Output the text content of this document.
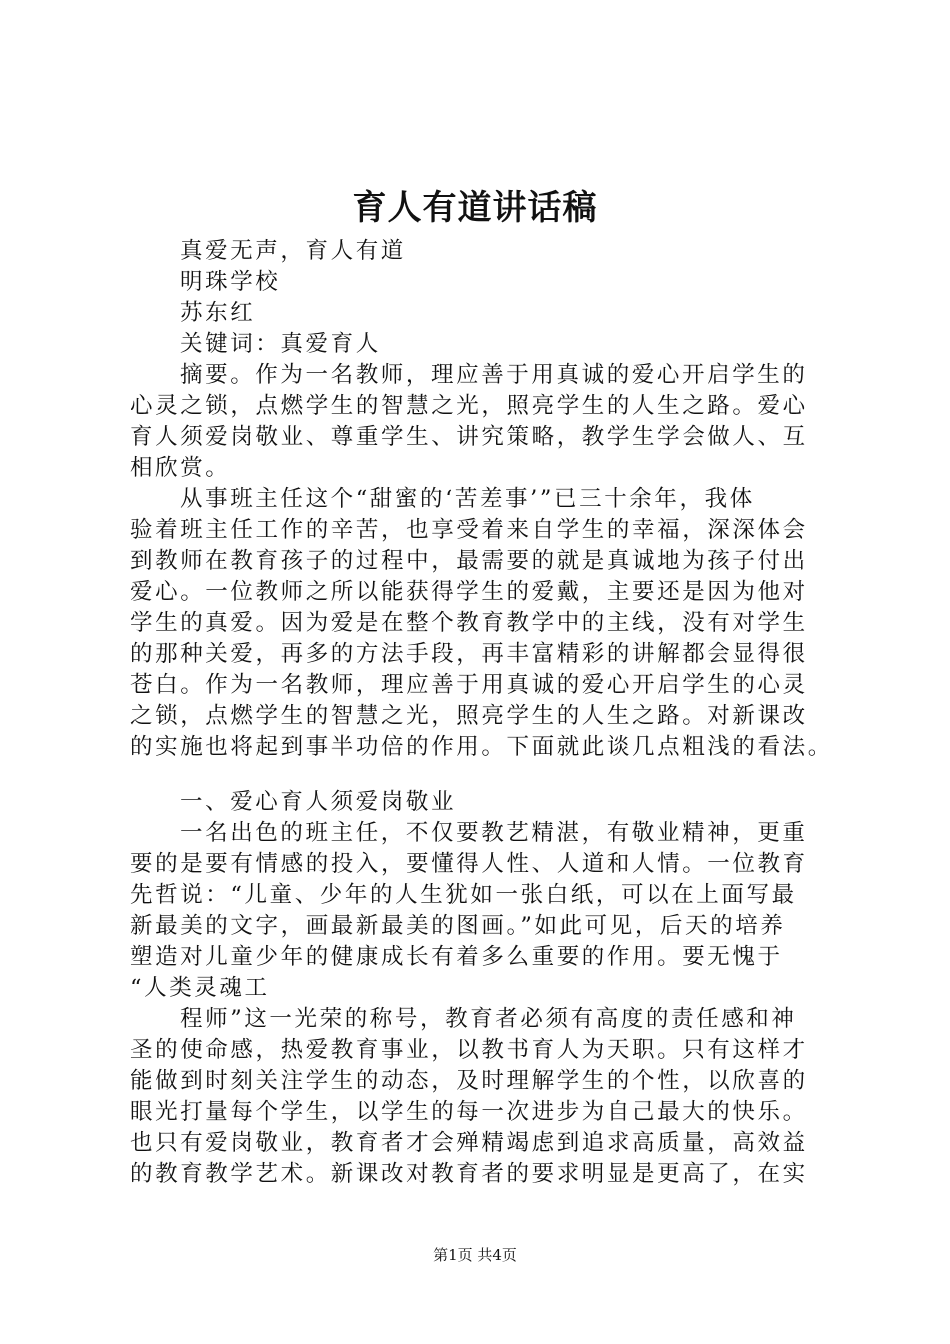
育人有道讲话稿
真爱无声，育人有道
明珠学校
苏东红
关键词：真爱育人
摘要。作为一名教师，理应善于用真诚的爱心开启学生的
心灵之锁，点燃学生的智慧之光，照亮学生的人生之路。爱心
育人须爱岗敬业、尊重学生、讲究策略，教学生学会做人、互
相欣赏。
从事班主任这个“甜蜜的‘苦差事’”已三十余年，我体
验着班主任工作的辛苦，也享受着来自学生的幸福，深深体会
到教师在教育孩子的过程中，最需要的就是真诚地为孩子付出
爱心。一位教师之所以能获得学生的爱戴，主要还是因为他对
学生的真爱。因为爱是在整个教育教学中的主线，没有对学生
的那种关爱，再多的方法手段，再丰富精彩的讲解都会显得很
苍白。作为一名教师，理应善于用真诚的爱心开启学生的心灵
之锁，点燃学生的智慧之光，照亮学生的人生之路。对新课改
的实施也将起到事半功倍的作用。下面就此谈几点粗浅的看法。
一、爱心育人须爱岗敬业
一名出色的班主任，不仅要教艺精湛，有敬业精神，更重
要的是要有情感的投入，要懂得人性、人道和人情。一位教育
先哲说：“儿童、少年的人生犹如一张白纸，可以在上面写最
新最美的文字，画最新最美的图画。”如此可见，后天的培养
塑造对儿童少年的健康成长有着多么重要的作用。要无愧于
“人类灵魂工
程师”这一光荣的称号，教育者必须有高度的责任感和神
圣的使命感，热爱教育事业，以教书育人为天职。只有这样才
能做到时刻关注学生的动态，及时理解学生的个性，以欣喜的
眼光打量每个学生，以学生的每一次进步为自己最大的快乐。
也只有爱岗敬业，教育者才会殚精竭虑到追求高质量，高效益
的教育教学艺术。新课改对教育者的要求明显是更高了，在实
第1页 共4页
